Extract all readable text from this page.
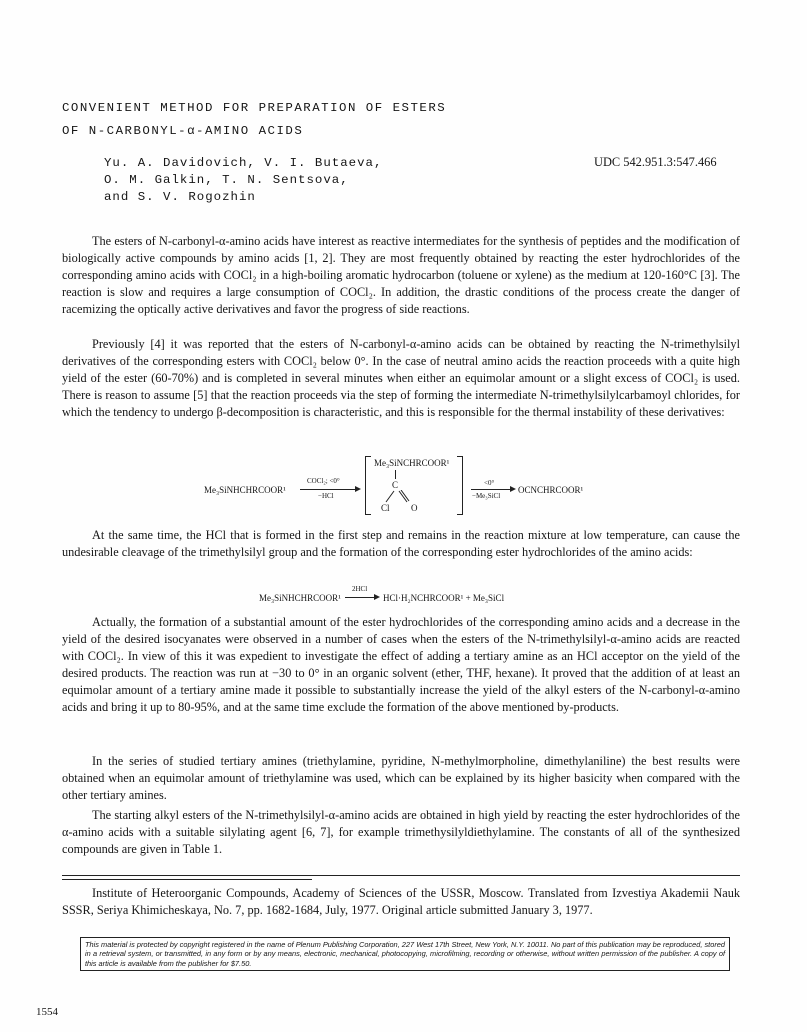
CONVENIENT METHOD FOR PREPARATION OF ESTERS
OF N-CARBONYL-α-AMINO ACIDS
Yu. A. Davidovich, V. I. Butaeva,
O. M. Galkin, T. N. Sentsova,
and S. V. Rogozhin
UDC 542.951.3:547.466

The esters of N-carbonyl-α-amino acids have interest as reactive intermediates for the synthesis of peptides and the modification of biologically active compounds by amino acids [1, 2]. They are most frequently obtained by reacting the ester hydrochlorides of the corresponding amino acids with COCl₂ in a high-boiling aromatic hydrocarbon (toluene or xylene) as the medium at 120-160°C [3]. The reaction is slow and requires a large consumption of COCl₂. In addition, the drastic conditions of the process create the danger of racemizing the optically active derivatives and favor the progress of side reactions.

Previously [4] it was reported that the esters of N-carbonyl-α-amino acids can be obtained by reacting the N-trimethylsilyl derivatives of the corresponding esters with COCl₂ below 0°. In the case of neutral amino acids the reaction proceeds with a quite high yield of the ester (60-70%) and is completed in several minutes when either an equimolar amount or a slight excess of COCl₂ is used. There is reason to assume [5] that the reaction proceeds via the step of forming the intermediate N-trimethylsilylcarbamoyl chlorides, for which the tendency to undergo β-decomposition is characteristic, and this is responsible for the thermal instability of these derivatives:

Me₃SiNHCHRCOOR¹
COCl₂; <0°
−HCl
Me₃SiNCHRCOOR¹
C
Cl O
<0°
−Me₃SiCl
OCNCHRCOOR¹

At the same time, the HCl that is formed in the first step and remains in the reaction mixture at low temperature, can cause the undesirable cleavage of the trimethylsilyl group and the formation of the corresponding ester hydrochlorides of the amino acids:

Me₃SiNHCHRCOOR¹
2HCl
HCl·H₂NCHRCOOR¹ + Me₃SiCl

Actually, the formation of a substantial amount of the ester hydrochlorides of the corresponding amino acids and a decrease in the yield of the desired isocyanates were observed in a number of cases when the esters of the N-trimethylsilyl-α-amino acids are reacted with COCl₂. In view of this it was expedient to investigate the effect of adding a tertiary amine as an HCl acceptor on the yield of the desired products. The reaction was run at −30 to 0° in an organic solvent (ether, THF, hexane). It proved that the addition of at least an equimolar amount of a tertiary amine made it possible to substantially increase the yield of the alkyl esters of the N-carbonyl-α-amino acids and bring it up to 80-95%, and at the same time exclude the formation of the above mentioned by-products.

In the series of studied tertiary amines (triethylamine, pyridine, N-methylmorpholine, dimethylaniline) the best results were obtained when an equimolar amount of triethylamine was used, which can be explained by its higher basicity when compared with the other tertiary amines.

The starting alkyl esters of the N-trimethylsilyl-α-amino acids are obtained in high yield by reacting the ester hydrochlorides of the α-amino acids with a suitable silylating agent [6, 7], for example trimethysilyldiethylamine. The constants of all of the synthesized compounds are given in Table 1.

Institute of Heteroorganic Compounds, Academy of Sciences of the USSR, Moscow. Translated from Izvestiya Akademii Nauk SSSR, Seriya Khimicheskaya, No. 7, pp. 1682-1684, July, 1977. Original article submitted January 3, 1977.

This material is protected by copyright registered in the name of Plenum Publishing Corporation, 227 West 17th Street, New York, N.Y. 10011. No part of this publication may be reproduced, stored in a retrieval system, or transmitted, in any form or by any means, electronic, mechanical, photocopying, microfilming, recording or otherwise, without written permission of the publisher. A copy of this article is available from the publisher for $7.50.
1554
